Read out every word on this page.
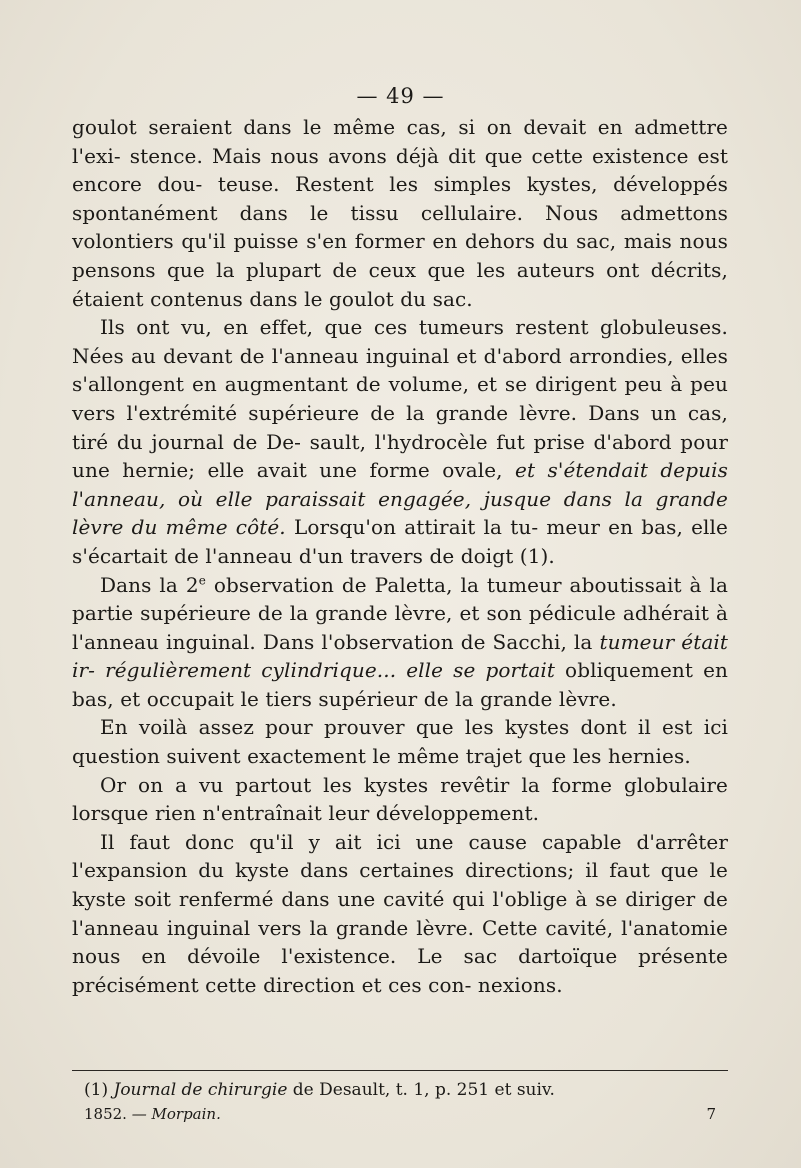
— 49 —

goulot seraient dans le même cas, si on devait en admettre l'exi- stence. Mais nous avons déjà dit que cette existence est encore dou- teuse. Restent les simples kystes, développés spontanément dans le tissu cellulaire. Nous admettons volontiers qu'il puisse s'en former en dehors du sac, mais nous pensons que la plupart de ceux que les auteurs ont décrits, étaient contenus dans le goulot du sac.

Ils ont vu, en effet, que ces tumeurs restent globuleuses. Nées au devant de l'anneau inguinal et d'abord arrondies, elles s'allongent en augmentant de volume, et se dirigent peu à peu vers l'extrémité supérieure de la grande lèvre. Dans un cas, tiré du journal de De- sault, l'hydrocèle fut prise d'abord pour une hernie; elle avait une forme ovale, et s'étendait depuis l'anneau, où elle paraissait engagée, jusque dans la grande lèvre du même côté. Lorsqu'on attirait la tu- meur en bas, elle s'écartait de l'anneau d'un travers de doigt (1).

Dans la 2e observation de Paletta, la tumeur aboutissait à la partie supérieure de la grande lèvre, et son pédicule adhérait à l'anneau inguinal. Dans l'observation de Sacchi, la tumeur était ir- régulièrement cylindrique... elle se portait obliquement en bas, et occupait le tiers supérieur de la grande lèvre.

En voilà assez pour prouver que les kystes dont il est ici question suivent exactement le même trajet que les hernies.

Or on a vu partout les kystes revêtir la forme globulaire lorsque rien n'entraînait leur développement.

Il faut donc qu'il y ait ici une cause capable d'arrêter l'expansion du kyste dans certaines directions; il faut que le kyste soit renfermé dans une cavité qui l'oblige à se diriger de l'anneau inguinal vers la grande lèvre. Cette cavité, l'anatomie nous en dévoile l'existence. Le sac dartoïque présente précisément cette direction et ces con- nexions.

(1) Journal de chirurgie de Desault, t. 1, p. 251 et suiv.
1852. — Morpain.	7
